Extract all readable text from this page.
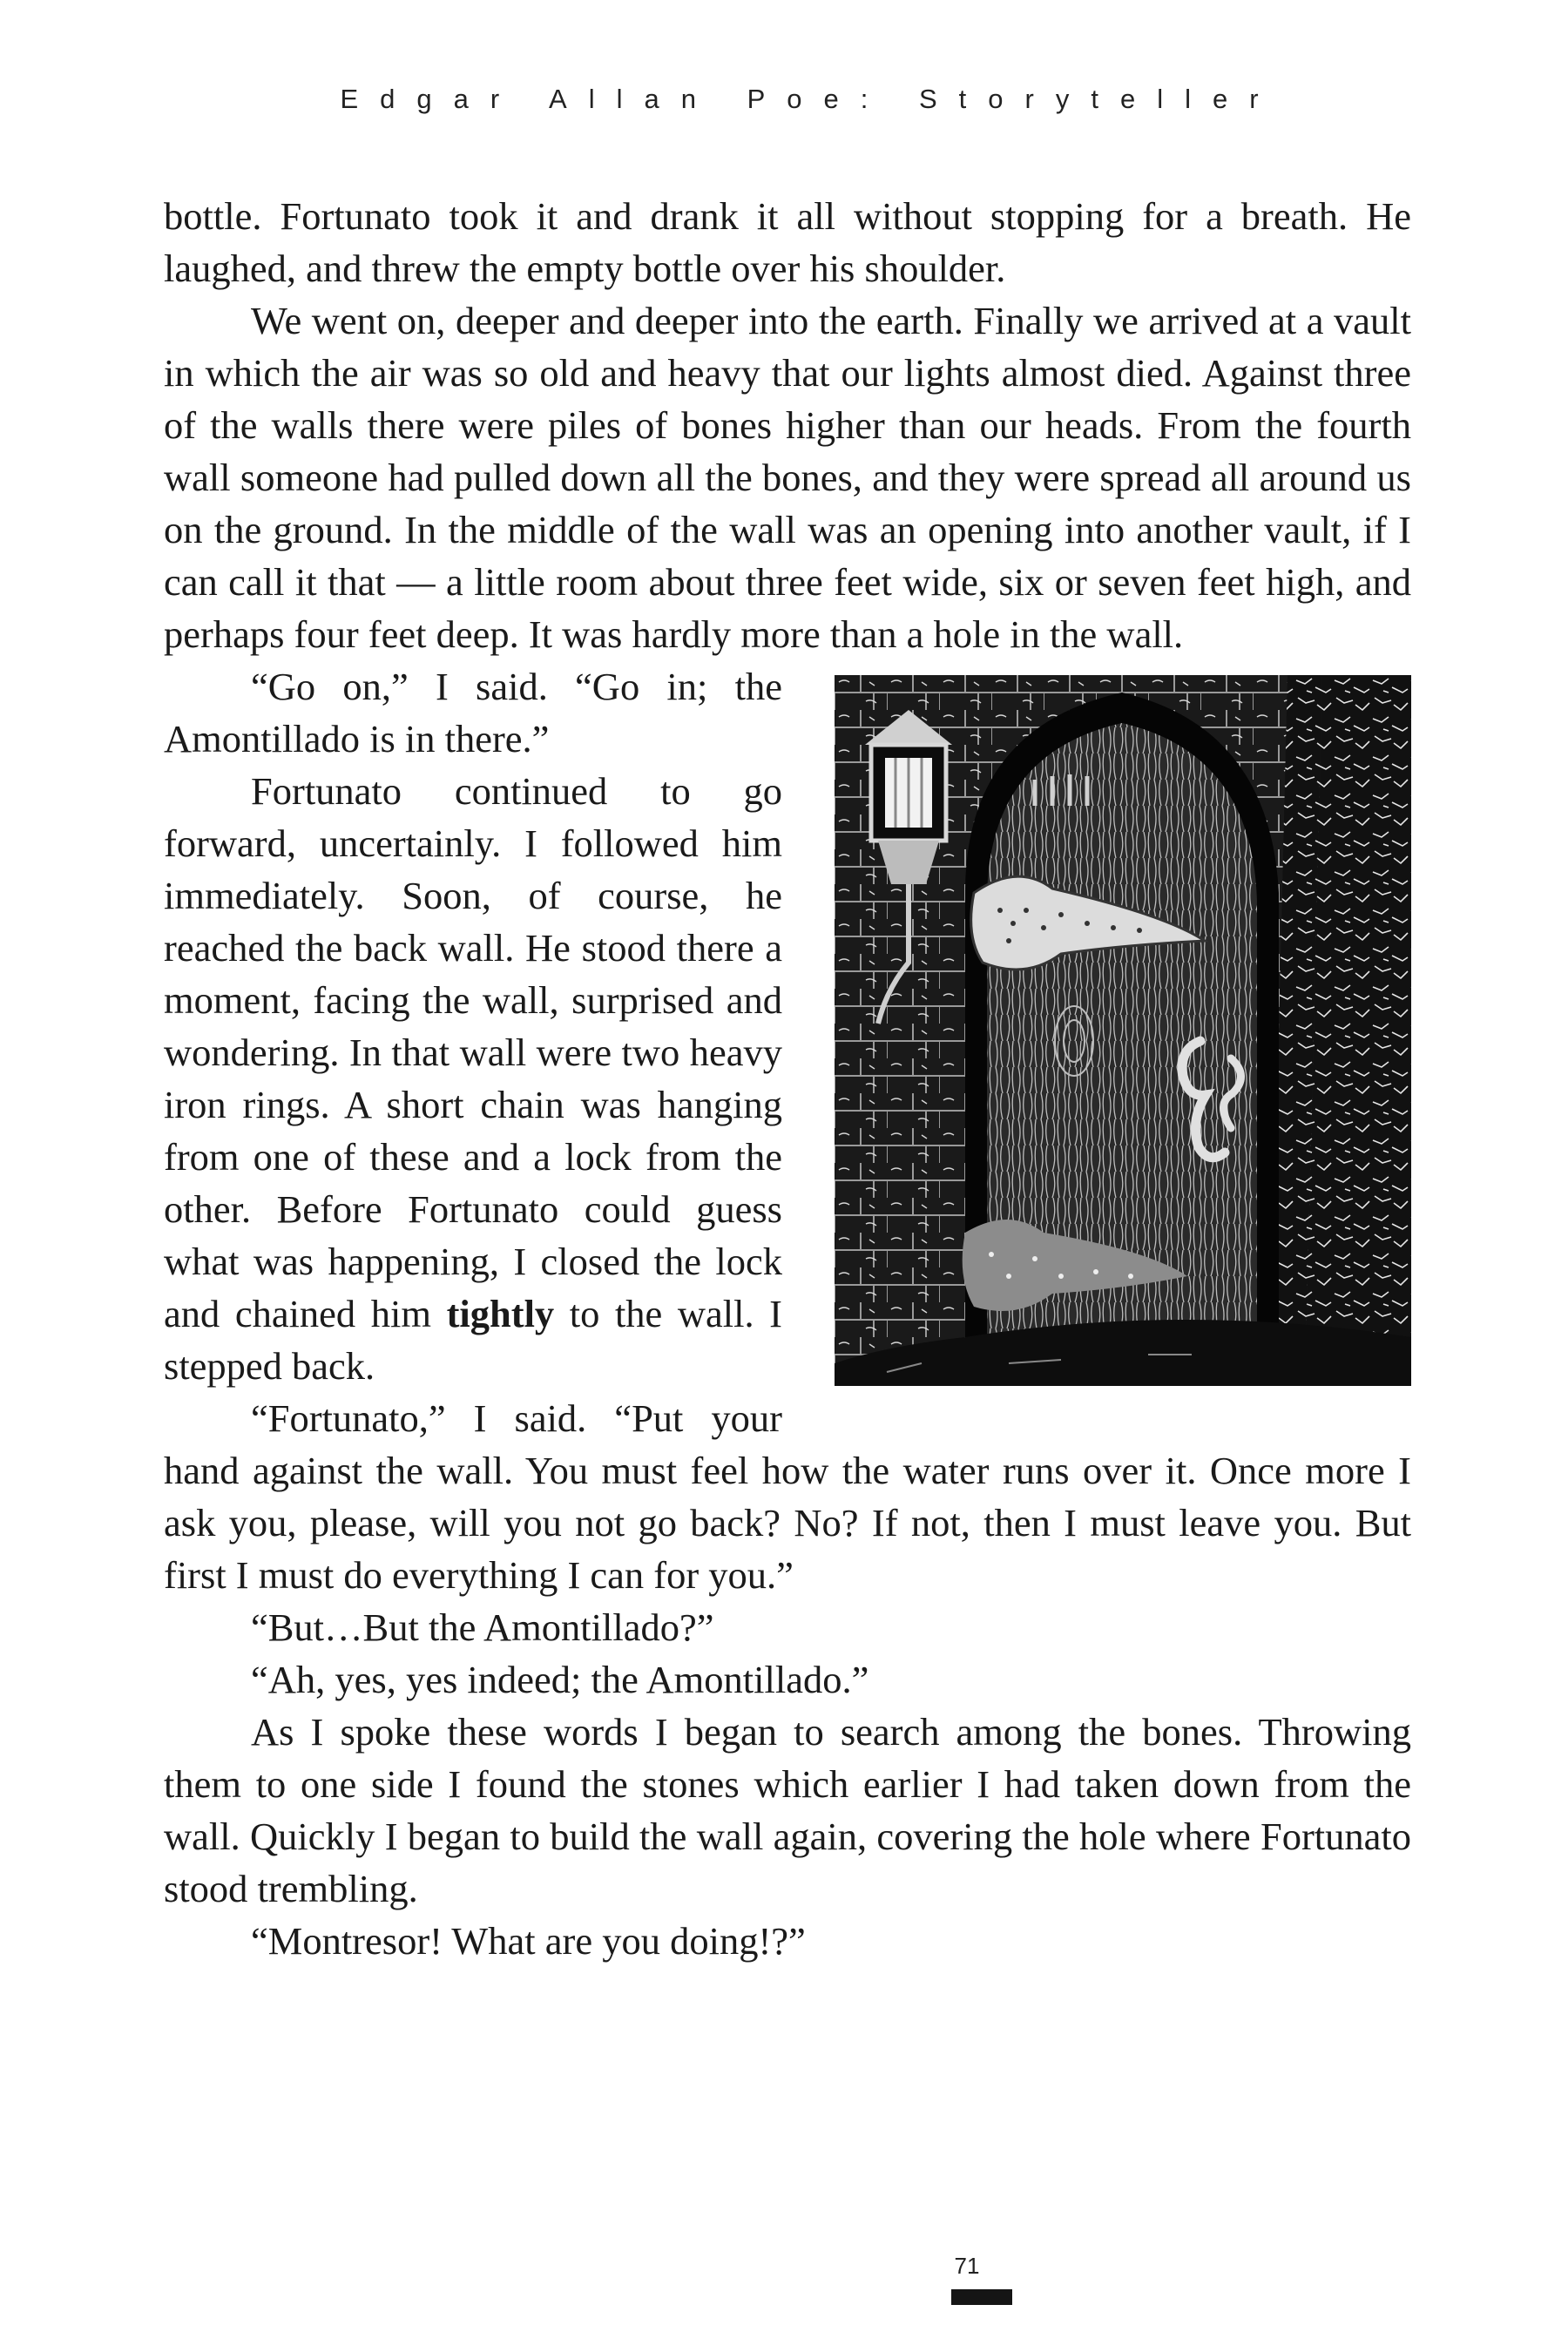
Edgar Allan Poe: Storyteller

bottle. Fortunato took it and drank it all without stopping for a breath. He laughed, and threw the empty bottle over his shoulder.

We went on, deeper and deeper into the earth. Finally we arrived at a vault in which the air was so old and heavy that our lights almost died. Against three of the walls there were piles of bones higher than our heads. From the fourth wall someone had pulled down all the bones, and they were spread all around us on the ground. In the middle of the wall was an opening into another vault, if I can call it that — a little room about three feet wide, six or seven feet high, and perhaps four feet deep. It was hardly more than a hole in the wall.

“Go on,” I said. “Go in; the Amontillado is in there.”

Fortunato continued to go forward, uncertainly. I followed him immediately. Soon, of course, he reached the back wall. He stood there a moment, facing the wall, surprised and wondering. In that wall were two heavy iron rings. A short chain was hanging from one of these and a lock from the other. Before Fortunato could guess what was happening, I closed the lock and chained him tightly to the wall. I stepped back.

“Fortunato,” I said. “Put your hand against the wall. You must feel how the water runs over it. Once more I ask you, please, will you not go back? No? If not, then I must leave you. But first I must do everything I can for you.”

“But…But the Amontillado?”

“Ah, yes, yes indeed; the Amontillado.”

As I spoke these words I began to search among the bones. Throwing them to one side I found the stones which earlier I had taken down from the wall. Quickly I began to build the wall again, covering the hole where Fortunato stood trembling.

“Montresor! What are you doing!?”

71
